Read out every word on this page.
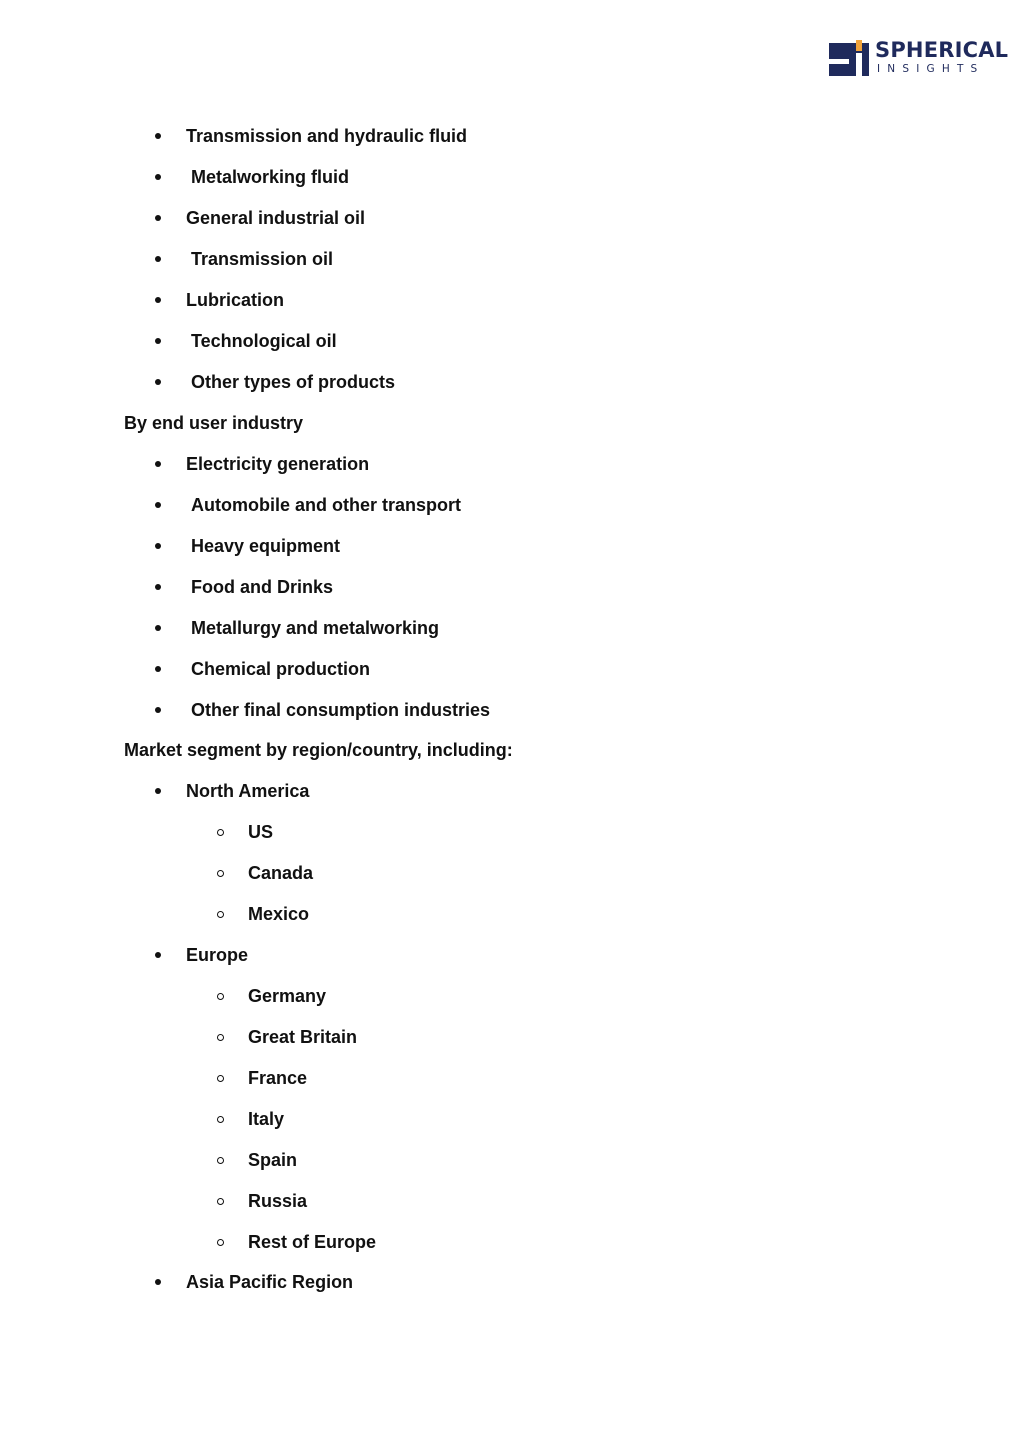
SPHERICAL
INSIGHTS
Transmission and hydraulic fluid
Metalworking fluid
General industrial oil
Transmission oil
Lubrication
Technological oil
Other types of products
By end user industry
Electricity generation
Automobile and other transport
Heavy equipment
Food and Drinks
Metallurgy and metalworking
Chemical production
Other final consumption industries
Market segment by region/country, including:
North America
US
Canada
Mexico
Europe
Germany
Great Britain
France
Italy
Spain
Russia
Rest of Europe
Asia Pacific Region
